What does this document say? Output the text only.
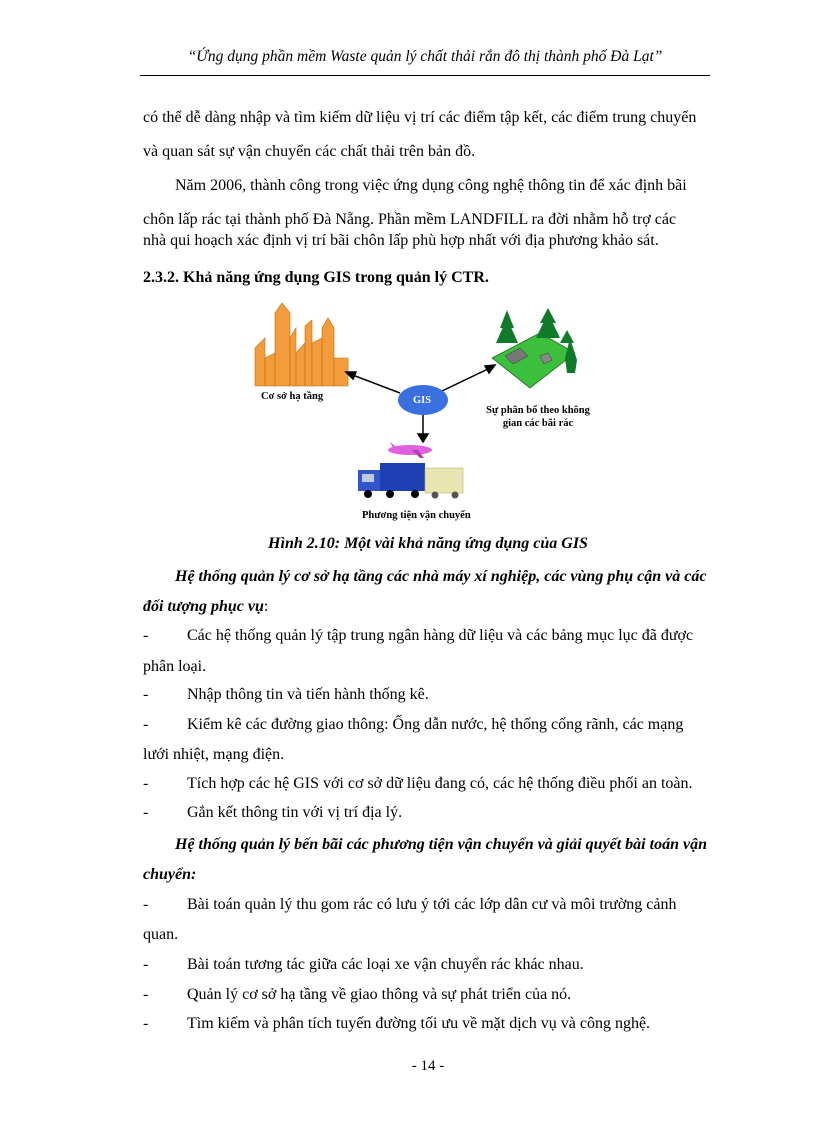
“Ứng dụng phần mềm Waste quản lý chất thải rắn đô thị thành phố Đà Lạt”
có thể dễ dàng nhập và tìm kiếm dữ liệu vị trí các điểm tập kết, các điểm trung chuyển
và quan sát sự vận chuyển các chất thải trên bản đồ.
Năm 2006, thành công trong việc ứng dụng công nghệ thông tin để xác định bãi
chôn lấp rác tại thành phố Đà Nẵng. Phần mềm LANDFILL ra đời nhằm hỗ trợ các
nhà qui hoạch xác định vị trí bãi chôn lấp phù hợp nhất với địa phương khảo sát.
2.3.2. Khả năng ứng dụng GIS trong quản lý CTR.
Cơ sở hạ tầng	GIS
Sự phân bổ theo không
gian các bãi rác
Phương tiện vận chuyển
Hình 2.10: Một vài khả năng ứng dụng của GIS
Hệ thống quản lý cơ sở hạ tầng các nhà máy xí nghiệp, các vùng phụ cận và các
đối tượng phục vụ:
- Các hệ thống quản lý tập trung ngân hàng dữ liệu và các bảng mục lục đã được
phân loại.
- Nhập thông tin và tiến hành thống kê.
- Kiểm kê các đường giao thông: Ống dẫn nước, hệ thống cống rãnh, các mạng
lưới nhiệt, mạng điện.
- Tích hợp các hệ GIS với cơ sở dữ liệu đang có, các hệ thống điều phối an toàn.
- Gắn kết thông tin với vị trí địa lý.
Hệ thống quản lý bến bãi các phương tiện vận chuyển và giải quyết bài toán vận
chuyển:
- Bài toán quản lý thu gom rác có lưu ý tới các lớp dân cư và môi trường cảnh
quan.
- Bài toán tương tác giữa các loại xe vận chuyển rác khác nhau.
- Quản lý cơ sở hạ tầng về giao thông và sự phát triển của nó.
- Tìm kiếm và phân tích tuyến đường tối ưu về mặt dịch vụ và công nghệ.
- 14 -
